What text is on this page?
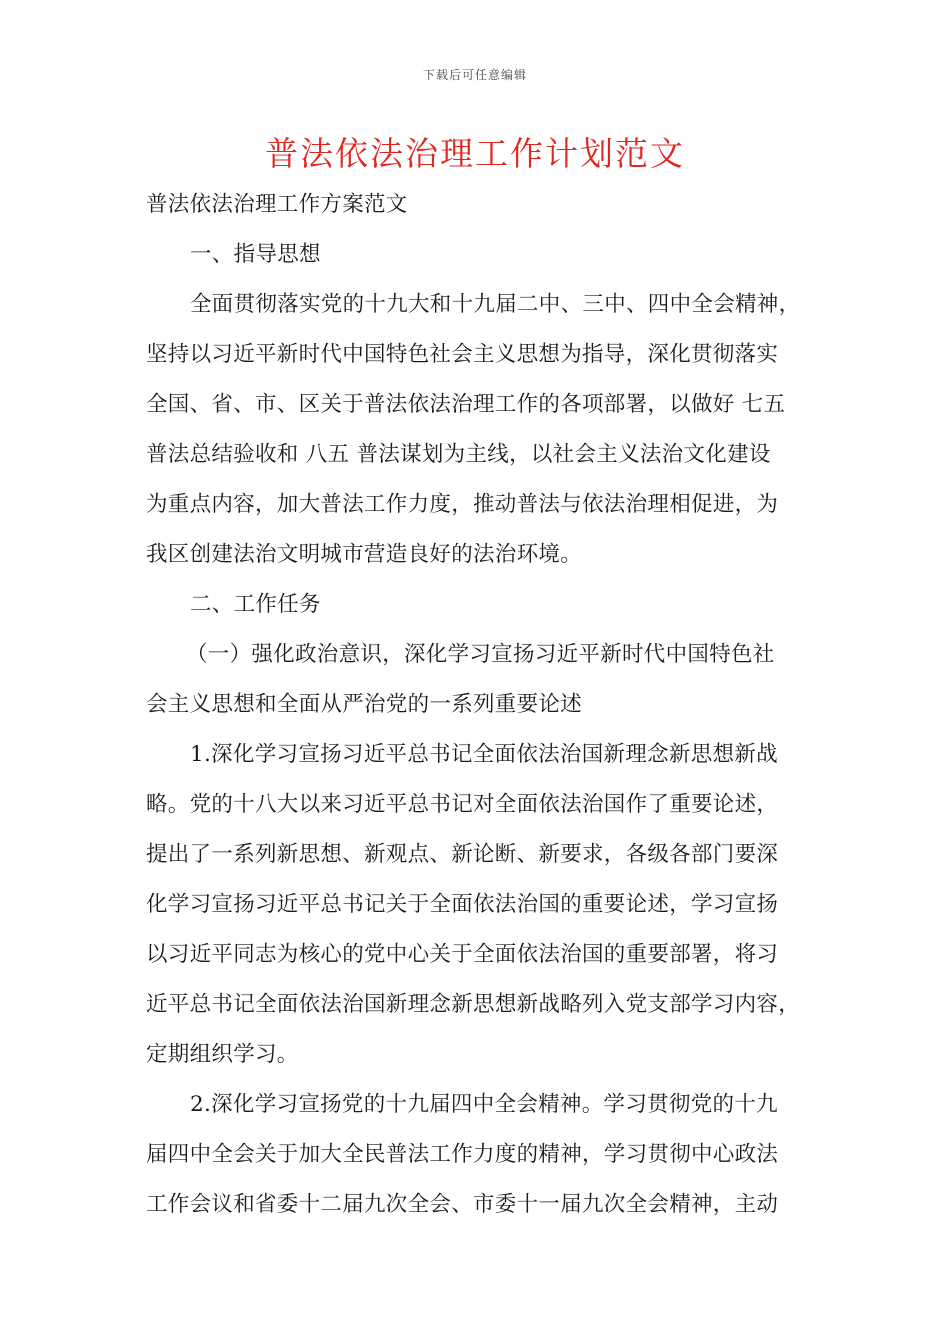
下载后可任意编辑
普法依法治理工作计划范文
普法依法治理工作方案范文
一、指导思想
全面贯彻落实党的十九大和十九届二中、三中、四中全会精神，
坚持以习近平新时代中国特色社会主义思想为指导，深化贯彻落实
全国、省、市、区关于普法依法治理工作的各项部署，以做好 七五
普法总结验收和 八五 普法谋划为主线，以社会主义法治文化建设
为重点内容，加大普法工作力度，推动普法与依法治理相促进，为
我区创建法治文明城市营造良好的法治环境。
二、工作任务
（一）强化政治意识，深化学习宣扬习近平新时代中国特色社
会主义思想和全面从严治党的一系列重要论述
1.深化学习宣扬习近平总书记全面依法治国新理念新思想新战
略。党的十八大以来习近平总书记对全面依法治国作了重要论述，
提出了一系列新思想、新观点、新论断、新要求，各级各部门要深
化学习宣扬习近平总书记关于全面依法治国的重要论述，学习宣扬
以习近平同志为核心的党中心关于全面依法治国的重要部署，将习
近平总书记全面依法治国新理念新思想新战略列入党支部学习内容，
定期组织学习。
2.深化学习宣扬党的十九届四中全会精神。学习贯彻党的十九
届四中全会关于加大全民普法工作力度的精神，学习贯彻中心政法
工作会议和省委十二届九次全会、市委十一届九次全会精神，主动
